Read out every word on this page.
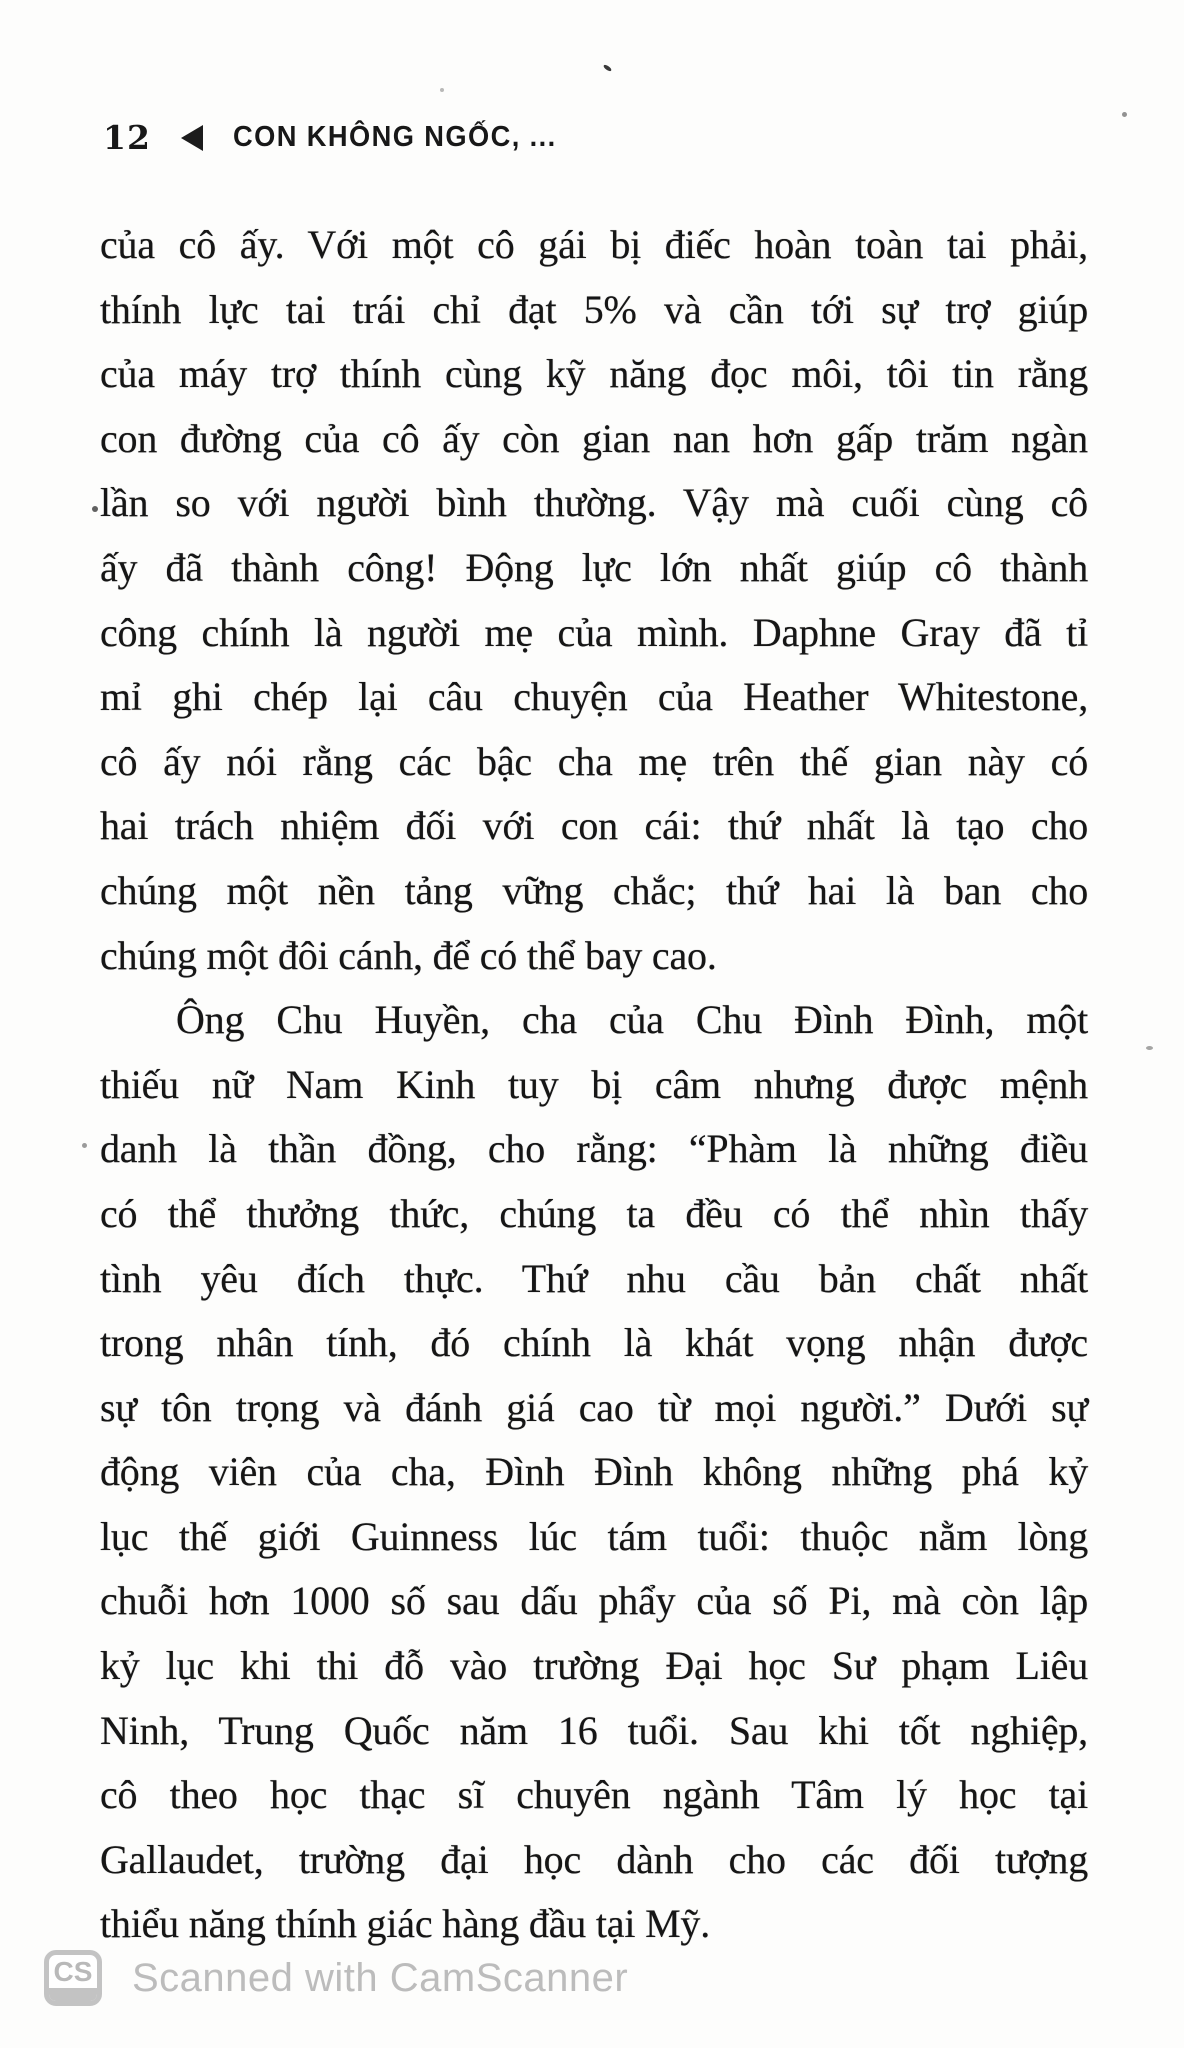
12	CON KHÔNG NGỐC, ...
của cô ấy. Với một cô gái bị điếc hoàn toàn tai phải,
thính lực tai trái chỉ đạt 5% và cần tới sự trợ giúp
của máy trợ thính cùng kỹ năng đọc môi, tôi tin rằng
con đường của cô ấy còn gian nan hơn gấp trăm ngàn
lần so với người bình thường. Vậy mà cuối cùng cô
ấy đã thành công! Động lực lớn nhất giúp cô thành
công chính là người mẹ của mình. Daphne Gray đã tỉ
mỉ ghi chép lại câu chuyện của Heather Whitestone,
cô ấy nói rằng các bậc cha mẹ trên thế gian này có
hai trách nhiệm đối với con cái: thứ nhất là tạo cho
chúng một nền tảng vững chắc; thứ hai là ban cho
chúng một đôi cánh, để có thể bay cao.
Ông Chu Huyền, cha của Chu Đình Đình, một
thiếu nữ Nam Kinh tuy bị câm nhưng được mệnh
danh là thần đồng, cho rằng: “Phàm là những điều
có thể thưởng thức, chúng ta đều có thể nhìn thấy
tình yêu đích thực. Thứ nhu cầu bản chất nhất
trong nhân tính, đó chính là khát vọng nhận được
sự tôn trọng và đánh giá cao từ mọi người.” Dưới sự
động viên của cha, Đình Đình không những phá kỷ
lục thế giới Guinness lúc tám tuổi: thuộc nằm lòng
chuỗi hơn 1000 số sau dấu phẩy của số Pi, mà còn lập
kỷ lục khi thi đỗ vào trường Đại học Sư phạm Liêu
Ninh, Trung Quốc năm 16 tuổi. Sau khi tốt nghiệp,
cô theo học thạc sĩ chuyên ngành Tâm lý học tại
Gallaudet, trường đại học dành cho các đối tượng
thiểu năng thính giác hàng đầu tại Mỹ.
CS Scanned with CamScanner
